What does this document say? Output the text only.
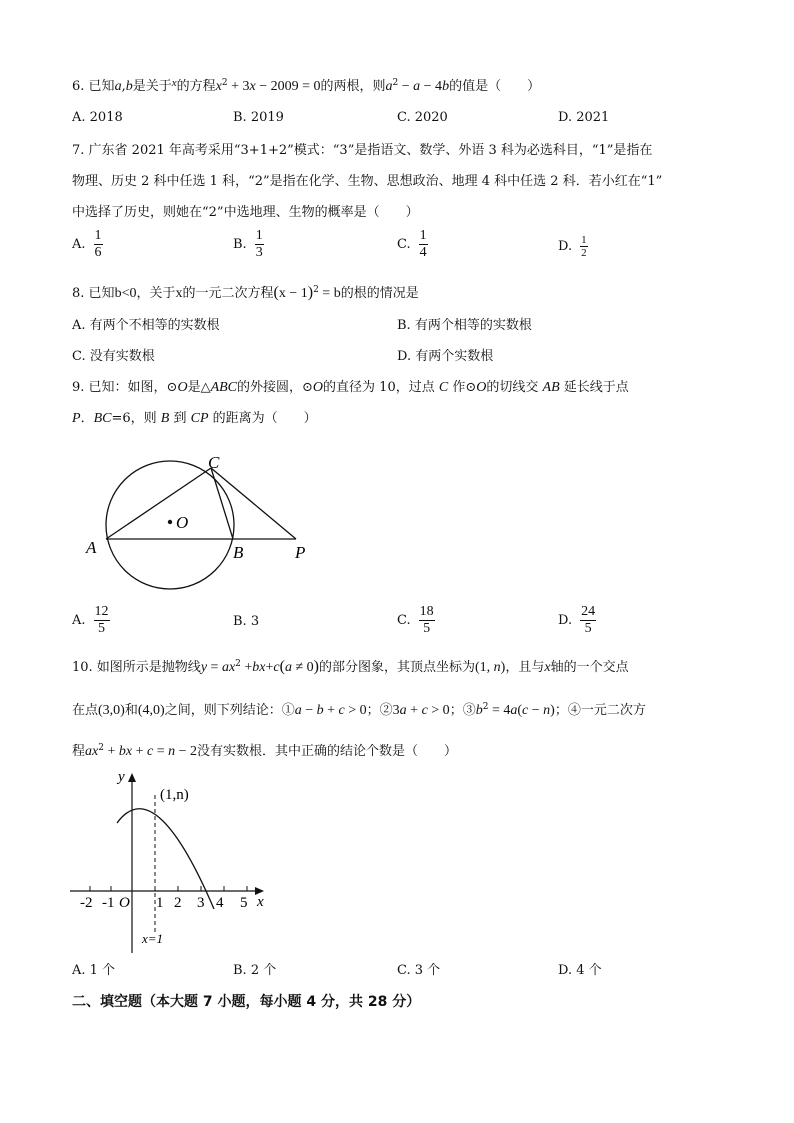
6. 已知a,b是关于$^x$的方程$x^2 + 3x - 2009 = 0$的两根，则$a^2 - a - 4b$的值是（　　）
A. 2018	B. 2019	C. 2020	D. 2021
7. 广东省 2021 年高考采用“3+1+2”模式：“3”是指语文、数学、外语 3 科为必选科目，“1”是指在
物理、历史 2 科中任选 1 科，“2”是指在化学、生物、思想政治、地理 4 科中任选 2 科．若小红在“1”
中选择了历史，则她在“2”中选地理、生物的概率是（　　）
A. $\frac{1}{6}$	B. $\frac{1}{3}$	C. $\frac{1}{4}$	D. $\frac{1}{2}$
8. 已知b<0，关于x的一元二次方程$(x - 1)^2 = b$的根的情况是
A. 有两个不相等的实数根	B. 有两个相等的实数根
C. 没有实数根	D. 有两个实数根
9. 已知：如图，⊙O是△ABC的外接圆，⊙O的直径为 10，过点 C 作⊙O的切线交 AB 延长线于点
P．BC=6，则 B 到 CP 的距离为（　　）
O
A	B
C
P
A. $\frac{12}{5}$	B. 3	C. $\frac{18}{5}$	D. $\frac{24}{5}$
10. 如图所示是抛物线$y = ax^2 +bx+c(a \ne 0)$的部分图象，其顶点坐标为(1, n)，且与x轴的一个交点
在点(3,0)和(4,0)之间，则下列结论：①a − b + c > 0；②3a + c > 0；$③b^2 = 4a(c - n)$；④一元二次方
程$ax^2$ + bx + c = n − 2没有实数根．其中正确的结论个数是（　　）
y
(1,n)
-2 -1 O 1 2 3 4 5 x
x=1
A. 1 个	B. 2 个	C. 3 个	D. 4 个
二、填空题（本大题 7 小题，每小题 4 分，共 28 分）
